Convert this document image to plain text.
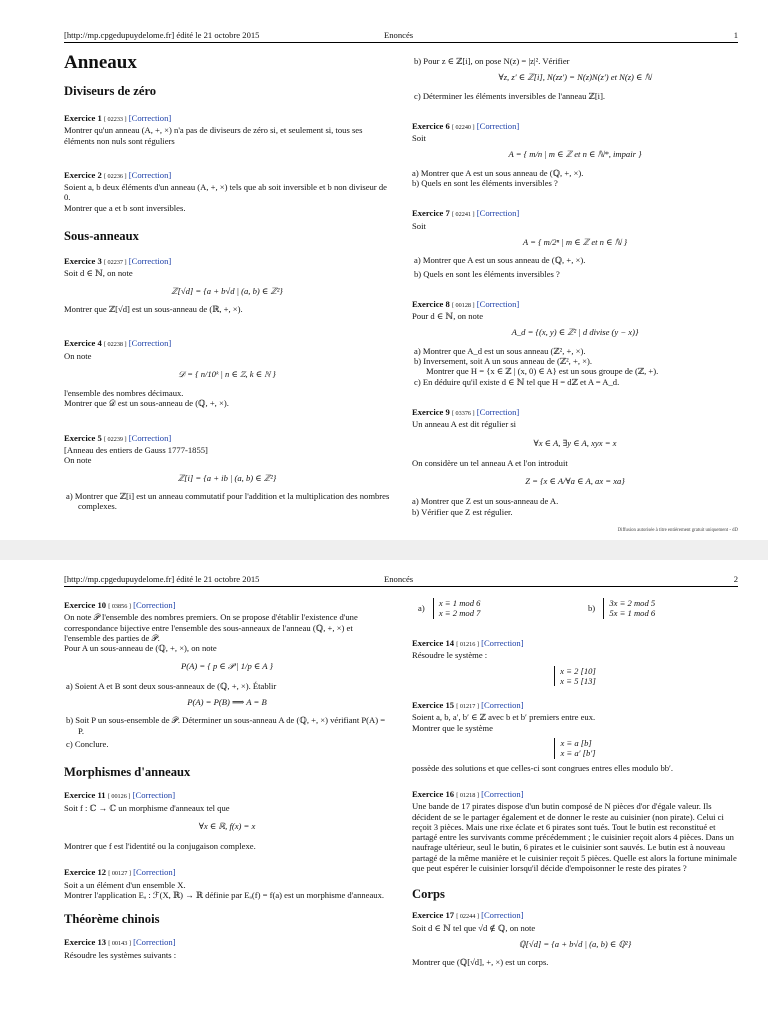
[http://mp.cpgedupuydelome.fr] édité le 21 octobre 2015	Enoncés	1
Anneaux
Diviseurs de zéro
Exercice 1 [ 02233 ] [Correction]
Montrer qu'un anneau (A, +, ×) n'a pas de diviseurs de zéro si, et seulement si, tous ses éléments non nuls sont réguliers
Exercice 2 [ 02236 ] [Correction]
Soient a, b deux éléments d'un anneau (A, +, ×) tels que ab soit inversible et b non diviseur de 0.
Montrer que a et b sont inversibles.
Sous-anneaux
Exercice 3 [ 02237 ] [Correction]
Soit d ∈ ℕ, on note
ℤ[√d] = {a + b√d | (a, b) ∈ ℤ²}
Montrer que ℤ[√d] est un sous-anneau de (ℝ, +, ×).
Exercice 4 [ 02238 ] [Correction]
On note
𝒟 = { n/10ᵏ | n ∈ ℤ, k ∈ ℕ }
l'ensemble des nombres décimaux.
Montrer que 𝒟 est un sous-anneau de (ℚ, +, ×).
Exercice 5 [ 02239 ] [Correction]
[Anneau des entiers de Gauss 1777-1855]
On note
ℤ[i] = {a + ib | (a, b) ∈ ℤ²}
a) Montrer que ℤ[i] est un anneau commutatif pour l'addition et la multiplication des nombres complexes.
b) Pour z ∈ ℤ[i], on pose N(z) = |z|². Vérifier
∀z, z′ ∈ ℤ[i], N(zz′) = N(z)N(z′) et N(z) ∈ ℕ
c) Déterminer les éléments inversibles de l'anneau ℤ[i].
Exercice 6 [ 02240 ] [Correction]
Soit
A = { m/n | m ∈ ℤ et n ∈ ℕ*, impair }
a) Montrer que A est un sous anneau de (ℚ, +, ×).
b) Quels en sont les éléments inversibles ?
Exercice 7 [ 02241 ] [Correction]
Soit
A = { m/2ⁿ | m ∈ ℤ et n ∈ ℕ }
a) Montrer que A est un sous anneau de (ℚ, +, ×).
b) Quels en sont les éléments inversibles ?
Exercice 8 [ 00128 ] [Correction]
Pour d ∈ ℕ, on note
A_d = {(x, y) ∈ ℤ² | d divise (y − x)}
a) Montrer que A_d est un sous anneau (ℤ², +, ×).
b) Inversement, soit A un sous anneau de (ℤ², +, ×).
Montrer que H = {x ∈ ℤ | (x, 0) ∈ A} est un sous groupe de (ℤ, +).
c) En déduire qu'il existe d ∈ ℕ tel que H = dℤ et A = A_d.
Exercice 9 [ 03376 ] [Correction]
Un anneau A est dit régulier si
∀x ∈ A, ∃y ∈ A, xyx = x
On considère un tel anneau A et l'on introduit
Z = {x ∈ A/∀a ∈ A, ax = xa}
a) Montrer que Z est un sous-anneau de A.
b) Vérifier que Z est régulier.
Diffusion autorisée à titre entièrement gratuit uniquement - dD
[http://mp.cpgedupuydelome.fr] édité le 21 octobre 2015	Enoncés	2
Exercice 10 [ 03856 ] [Correction]
On note 𝒫 l'ensemble des nombres premiers. On se propose d'établir l'existence d'une correspondance bijective entre l'ensemble des sous-anneaux de l'anneau (ℚ, +, ×) et l'ensemble des parties de 𝒫.
Pour A un sous-anneau de (ℚ, +, ×), on note
P(A) = { p ∈ 𝒫 | 1/p ∈ A }
a) Soient A et B sont deux sous-anneaux de (ℚ, +, ×). Établir
P(A) = P(B) ⟹ A = B
b) Soit P un sous-ensemble de 𝒫. Déterminer un sous-anneau A de (ℚ, +, ×) vérifiant P(A) = P.
c) Conclure.
Morphismes d'anneaux
Exercice 11 [ 00126 ] [Correction]
Soit f : ℂ → ℂ un morphisme d'anneaux tel que
∀x ∈ ℝ, f(x) = x
Montrer que f est l'identité ou la conjugaison complexe.
Exercice 12 [ 00127 ] [Correction]
Soit a un élément d'un ensemble X.
Montrer l'application Eₐ : ℱ(X, ℝ) → ℝ définie par Eₐ(f) = f(a) est un morphisme d'anneaux.
Théorème chinois
Exercice 13 [ 00143 ] [Correction]
Résoudre les systèmes suivants :
a)
x ≡ 1 mod 6
x ≡ 2 mod 7
b)
3x ≡ 2 mod 5
5x ≡ 1 mod 6
Exercice 14 [ 01216 ] [Correction]
Résoudre le système :
x ≡ 2 [10]
x ≡ 5 [13]
Exercice 15 [ 01217 ] [Correction]
Soient a, b, a′, b′ ∈ ℤ avec b et b′ premiers entre eux.
Montrer que le système
x ≡ a [b]
x ≡ a′ [b′]
possède des solutions et que celles-ci sont congrues entres elles modulo bb′.
Exercice 16 [ 01218 ] [Correction]
Une bande de 17 pirates dispose d'un butin composé de N pièces d'or d'égale valeur. Ils décident de se le partager également et de donner le reste au cuisinier (non pirate). Celui ci reçoit 3 pièces. Mais une rixe éclate et 6 pirates sont tués. Tout le butin est reconstitué et partagé entre les survivants comme précédemment ; le cuisinier reçoit alors 4 pièces. Dans un naufrage ultérieur, seul le butin, 6 pirates et le cuisinier sont sauvés. Le butin est à nouveau partagé de la même manière et le cuisinier reçoit 5 pièces. Quelle est alors la fortune minimale que peut espérer le cuisinier lorsqu'il décide d'empoisonner le reste des pirates ?
Corps
Exercice 17 [ 02244 ] [Correction]
Soit d ∈ ℕ tel que √d ∉ ℚ, on note
ℚ[√d] = {a + b√d | (a, b) ∈ ℚ²}
Montrer que (ℚ[√d], +, ×) est un corps.
